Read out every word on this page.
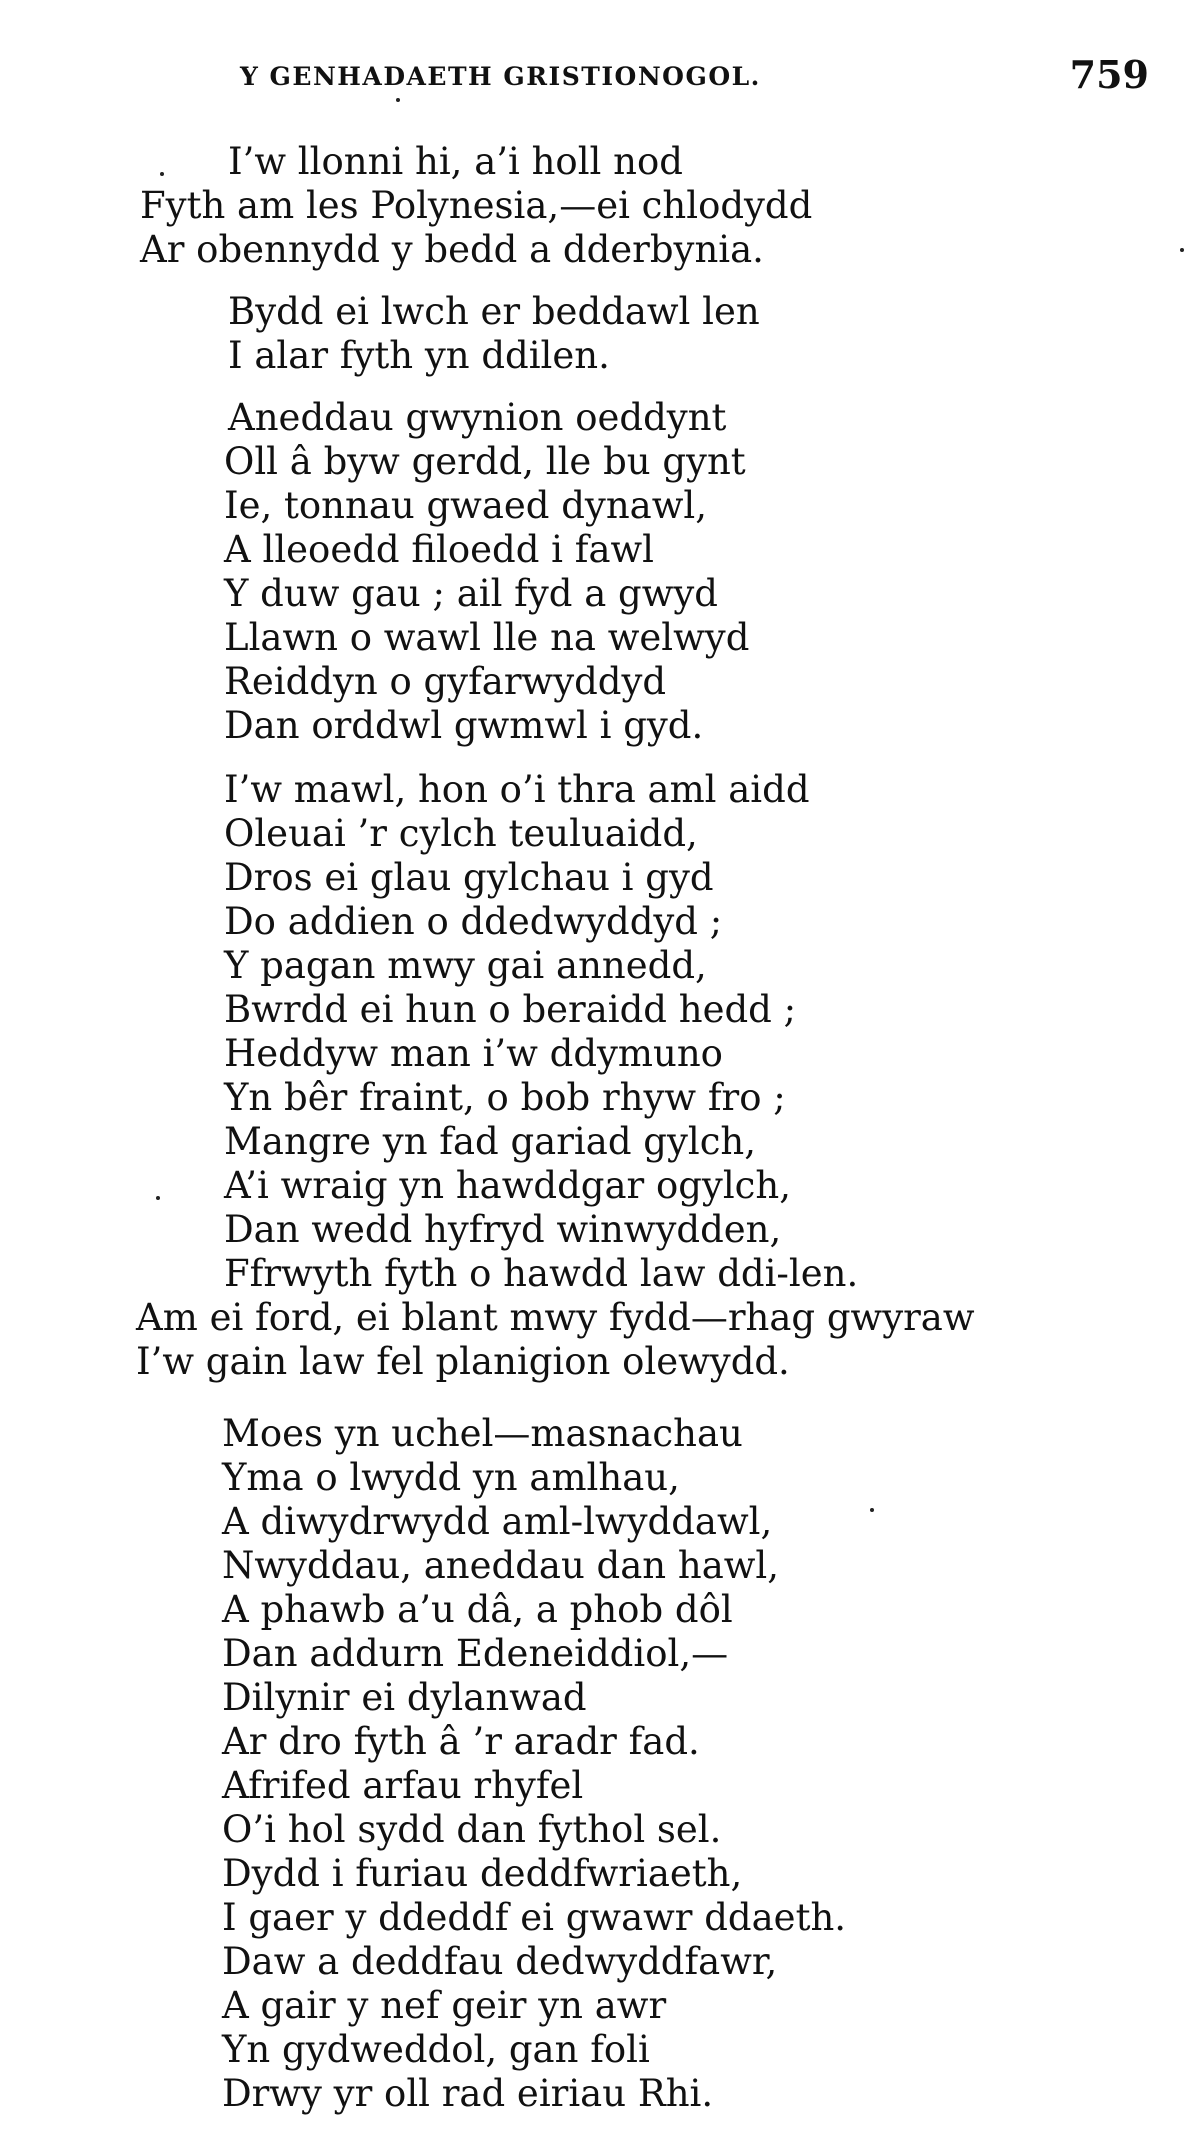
Y GENHADAETH GRISTIONOGOL.	759
I’w llonni hi, a’i holl nod
Fyth am les Polynesia,—ei chlodydd
Ar obennydd y bedd a dderbynia.
Bydd ei lwch er beddawl len
I alar fyth yn ddilen.
Aneddau gwynion oeddynt
Oll â byw gerdd, lle bu gynt
Ie, tonnau gwaed dynawl,
A lleoedd filoedd i fawl
Y duw gau ; ail fyd a gwyd
Llawn o wawl lle na welwyd
Reiddyn o gyfarwyddyd
Dan orddwl gwmwl i gyd.
I’w mawl, hon o’i thra aml aidd
Oleuai ’r cylch teuluaidd,
Dros ei glau gylchau i gyd
Do addien o ddedwyddyd ;
Y pagan mwy gai annedd,
Bwrdd ei hun o beraidd hedd ;
Heddyw man i’w ddymuno
Yn bêr fraint, o bob rhyw fro ;
Mangre yn fad gariad gylch,
A’i wraig yn hawddgar ogylch,
Dan wedd hyfryd winwydden,
Ffrwyth fyth o hawdd law ddi-len.
Am ei ford, ei blant mwy fydd—rhag gwyraw
I’w gain law fel planigion olewydd.
Moes yn uchel—masnachau
Yma o lwydd yn amlhau,
A diwydrwydd aml-lwyddawl,
Nwyddau, aneddau dan hawl,
A phawb a’u dâ, a phob dôl
Dan addurn Edeneiddiol,—
Dilynir ei dylanwad
Ar dro fyth â ’r aradr fad.
Afrifed arfau rhyfel
O’i hol sydd dan fythol sel.
Dydd i furiau deddfwriaeth,
I gaer y ddeddf ei gwawr ddaeth.
Daw a deddfau dedwyddfawr,
A gair y nef geir yn awr
Yn gydweddol, gan foli
Drwy yr oll rad eiriau Rhi.
